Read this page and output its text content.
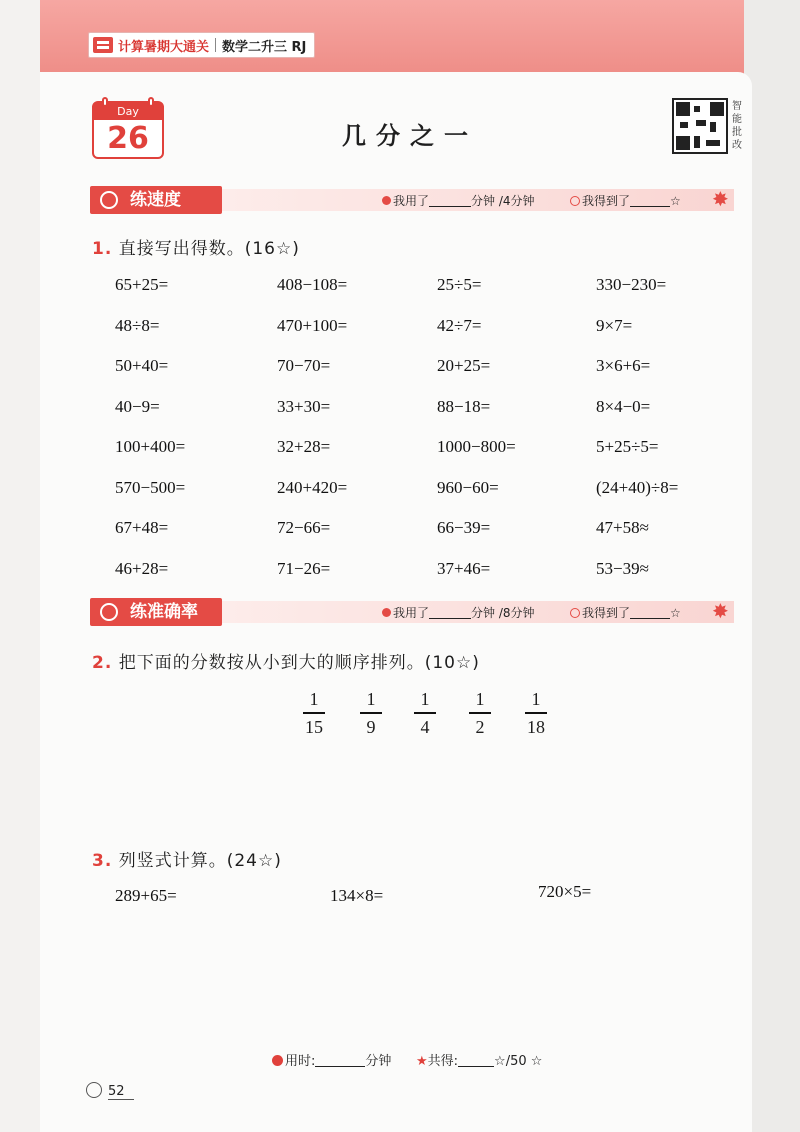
计算暑期大通关 数学二升三 RJ
Day
26	几分之一
智能批改
练速度	我用了	分钟 /4分钟	我得到了	☆ ✸
1. 直接写出得数。(16☆)
65+25=	408−108=	25÷5=	330−230=
48÷8=	470+100=	42÷7=	9×7=
50+40=	70−70=	20+25=	3×6+6=
40−9=	33+30=	88−18=	8×4−0=
100+400=	32+28=	1000−800=	5+25÷5=
570−500=	240+420=	960−60=	(24+40)÷8=
67+48=	72−66=	66−39=	47+58≈
46+28=	71−26=	37+46=	53−39≈
练准确率	我用了	分钟 /8分钟	我得到了	☆ ✸
2. 把下面的分数按从小到大的顺序排列。(10☆)
1
15
1
9
1
4
1
2
1
18
3. 列竖式计算。(24☆)
289+65=	134×8=	720×5=
用时:	分钟 ★共得:	☆/50 ☆
52
